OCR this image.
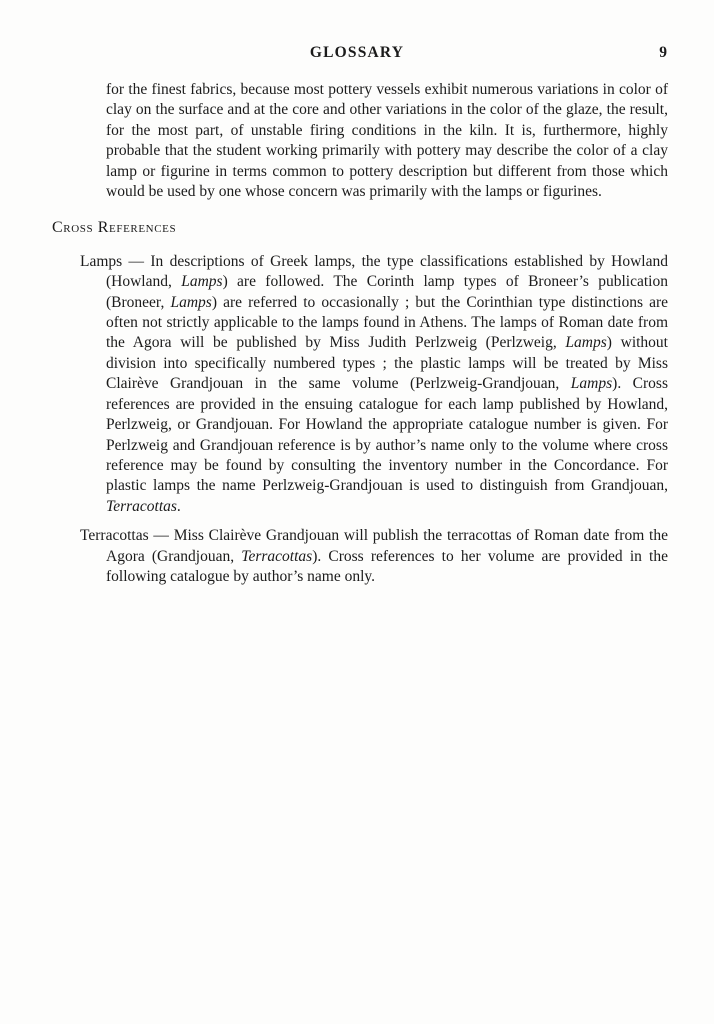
GLOSSARY	9

for the finest fabrics, because most pottery vessels exhibit numerous variations in color of clay on the surface and at the core and other variations in the color of the glaze, the result, for the most part, of unstable firing conditions in the kiln. It is, furthermore, highly probable that the student working primarily with pottery may describe the color of a clay lamp or figurine in terms common to pottery description but different from those which would be used by one whose concern was primarily with the lamps or figurines.

Cross References

Lamps — In descriptions of Greek lamps, the type classifications established by Howland (Howland, Lamps) are followed. The Corinth lamp types of Broneer’s publication (Broneer, Lamps) are referred to occasionally ; but the Corinthian type distinctions are often not strictly applicable to the lamps found in Athens. The lamps of Roman date from the Agora will be published by Miss Judith Perlzweig (Perlzweig, Lamps) without division into specifically numbered types ; the plastic lamps will be treated by Miss Clairève Grandjouan in the same volume (Perlzweig-Grandjouan, Lamps). Cross references are provided in the ensuing catalogue for each lamp published by Howland, Perlzweig, or Grandjouan. For Howland the appropriate catalogue number is given. For Perlzweig and Grandjouan reference is by author’s name only to the volume where cross reference may be found by consulting the inventory number in the Concordance. For plastic lamps the name Perlzweig-Grandjouan is used to distinguish from Grandjouan, Terracottas.

Terracottas — Miss Clairève Grandjouan will publish the terracottas of Roman date from the Agora (Grandjouan, Terracottas). Cross references to her volume are provided in the following catalogue by author’s name only.
